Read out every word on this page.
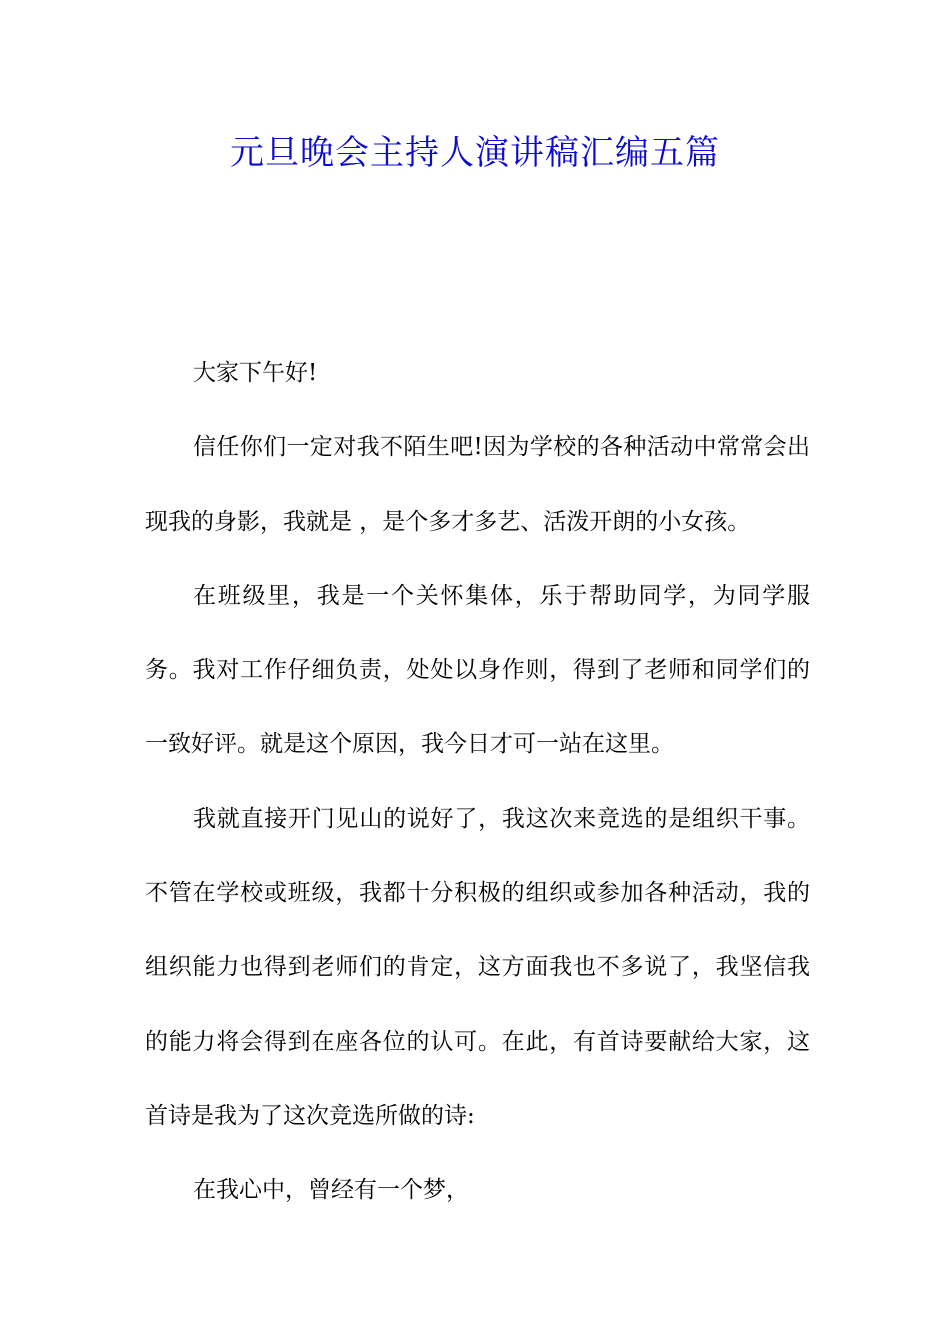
元旦晚会主持人演讲稿汇编五篇

大家下午好!

信任你们一定对我不陌生吧!因为学校的各种活动中常常会出现我的身影，我就是 ，是个多才多艺、活泼开朗的小女孩。

在班级里，我是一个关怀集体，乐于帮助同学，为同学服务。我对工作仔细负责，处处以身作则，得到了老师和同学们的一致好评。就是这个原因，我今日才可一站在这里。

我就直接开门见山的说好了，我这次来竞选的是组织干事。不管在学校或班级，我都十分积极的组织或参加各种活动，我的组织能力也得到老师们的肯定，这方面我也不多说了，我坚信我的能力将会得到在座各位的认可。在此，有首诗要献给大家，这首诗是我为了这次竞选所做的诗:

在我心中，曾经有一个梦，
